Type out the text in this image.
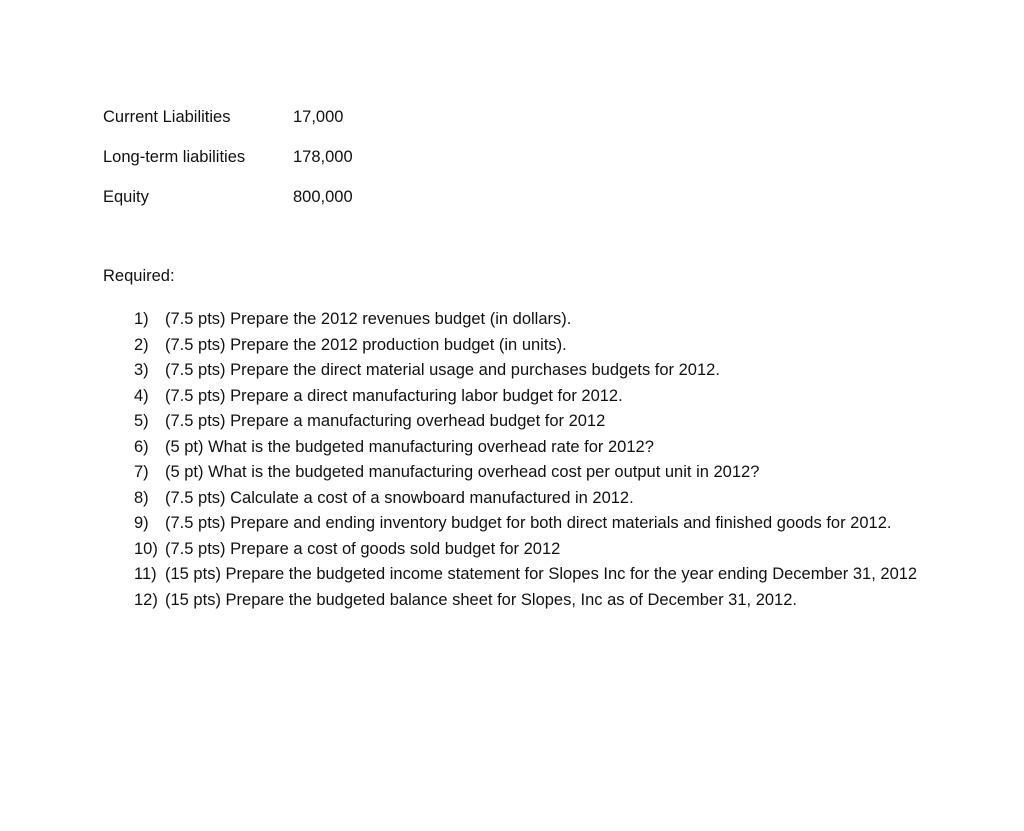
Current Liabilities	17,000
Long-term liabilities	178,000
Equity	800,000
Required:
1) (7.5 pts) Prepare the 2012 revenues budget (in dollars).
2) (7.5 pts) Prepare the 2012 production budget (in units).
3) (7.5 pts) Prepare the direct material usage and purchases budgets for 2012.
4) (7.5 pts) Prepare a direct manufacturing labor budget for 2012.
5) (7.5 pts) Prepare a manufacturing overhead budget for 2012
6) (5 pt) What is the budgeted manufacturing overhead rate for 2012?
7) (5 pt) What is the budgeted manufacturing overhead cost per output unit in 2012?
8) (7.5 pts) Calculate a cost of a snowboard manufactured in 2012.
9) (7.5 pts) Prepare and ending inventory budget for both direct materials and finished goods for 2012.
10) (7.5 pts) Prepare a cost of goods sold budget for 2012
11) (15 pts) Prepare the budgeted income statement for Slopes Inc for the year ending December 31, 2012
12) (15 pts) Prepare the budgeted balance sheet for Slopes, Inc as of December 31, 2012.
